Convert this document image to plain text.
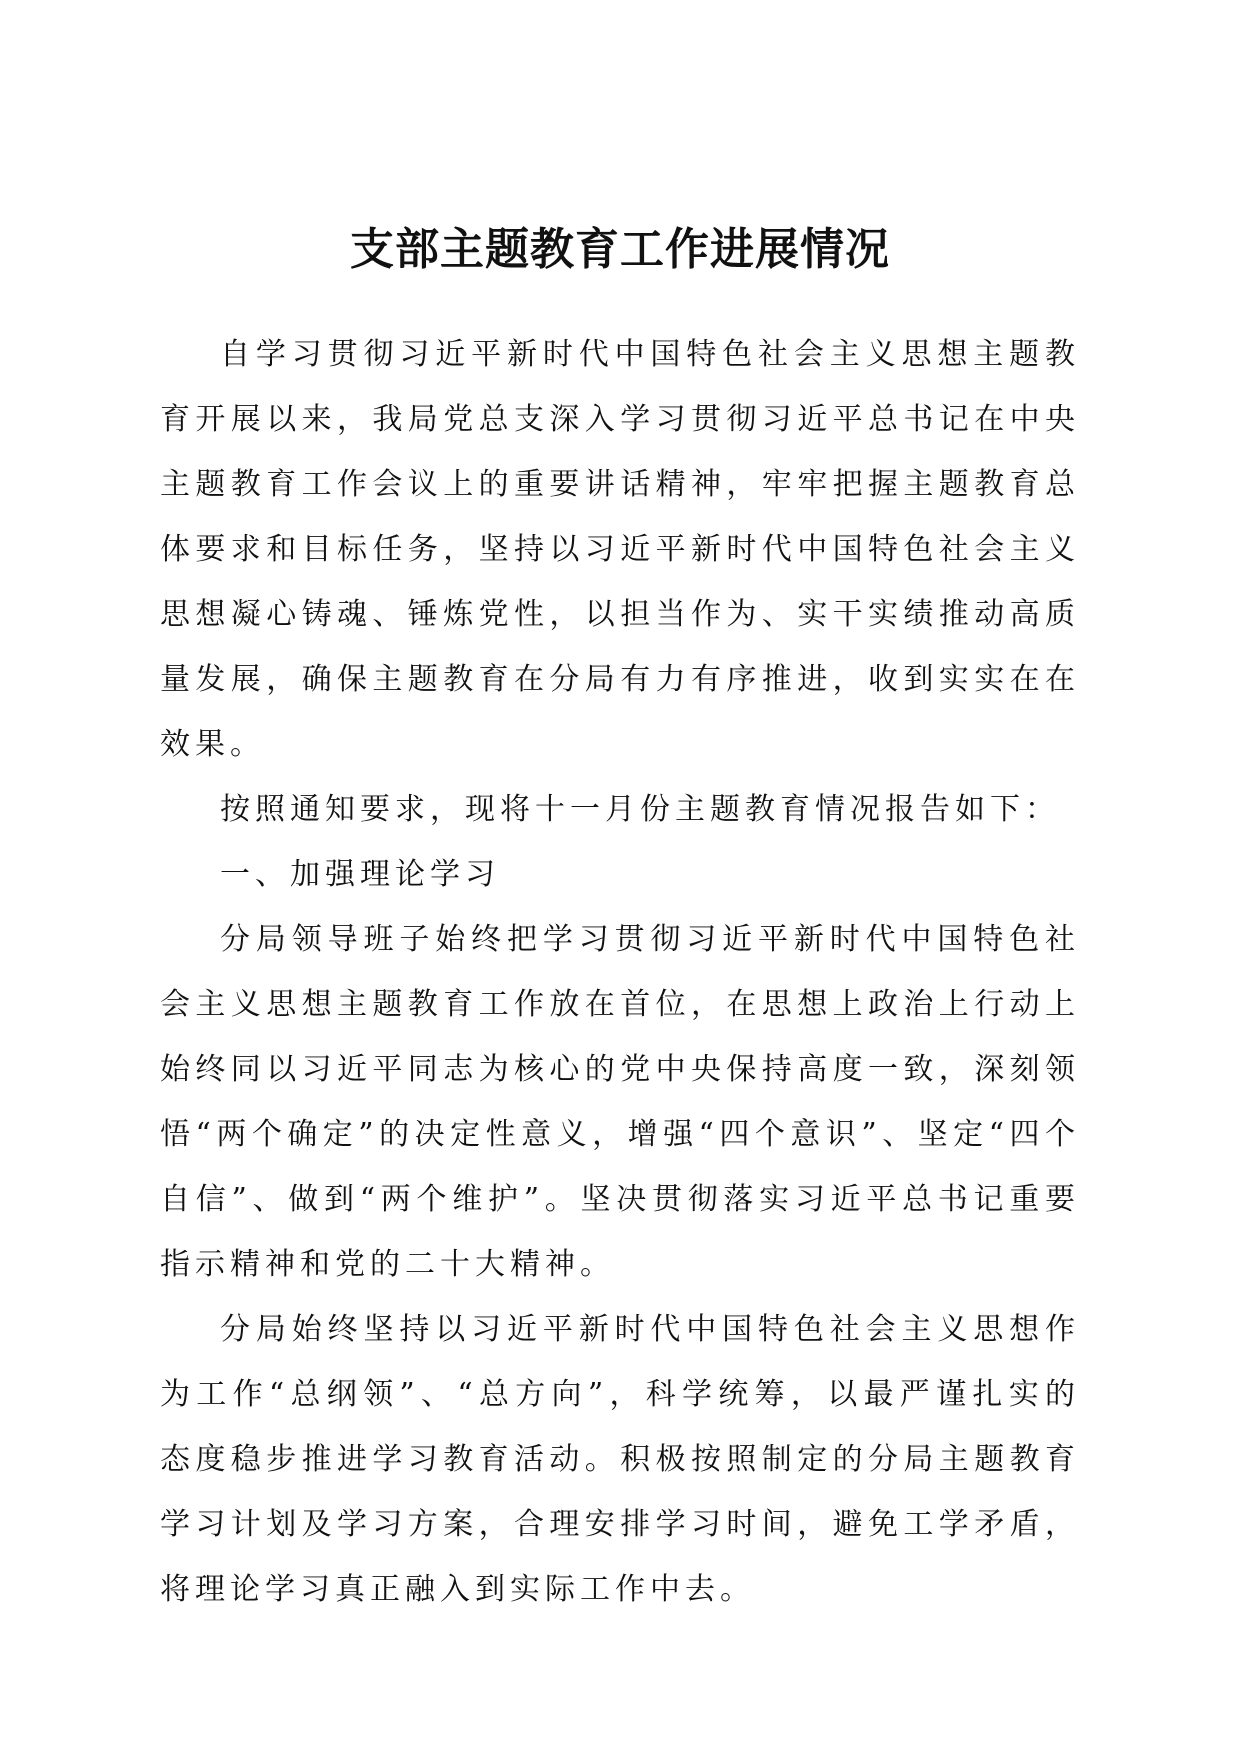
支部主题教育工作进展情况

自学习贯彻习近平新时代中国特色社会主义思想主题教育开展以来，我局党总支深入学习贯彻习近平总书记在中央主题教育工作会议上的重要讲话精神，牢牢把握主题教育总体要求和目标任务，坚持以习近平新时代中国特色社会主义思想凝心铸魂、锤炼党性，以担当作为、实干实绩推动高质量发展，确保主题教育在分局有力有序推进，收到实实在在效果。

按照通知要求，现将十一月份主题教育情况报告如下：

一、加强理论学习

分局领导班子始终把学习贯彻习近平新时代中国特色社会主义思想主题教育工作放在首位，在思想上政治上行动上始终同以习近平同志为核心的党中央保持高度一致，深刻领悟“两个确定”的决定性意义，增强“四个意识”、坚定“四个自信”、做到“两个维护”。坚决贯彻落实习近平总书记重要指示精神和党的二十大精神。

分局始终坚持以习近平新时代中国特色社会主义思想作为工作“总纲领”、“总方向”，科学统筹，以最严谨扎实的态度稳步推进学习教育活动。积极按照制定的分局主题教育学习计划及学习方案，合理安排学习时间，避免工学矛盾，将理论学习真正融入到实际工作中去。
